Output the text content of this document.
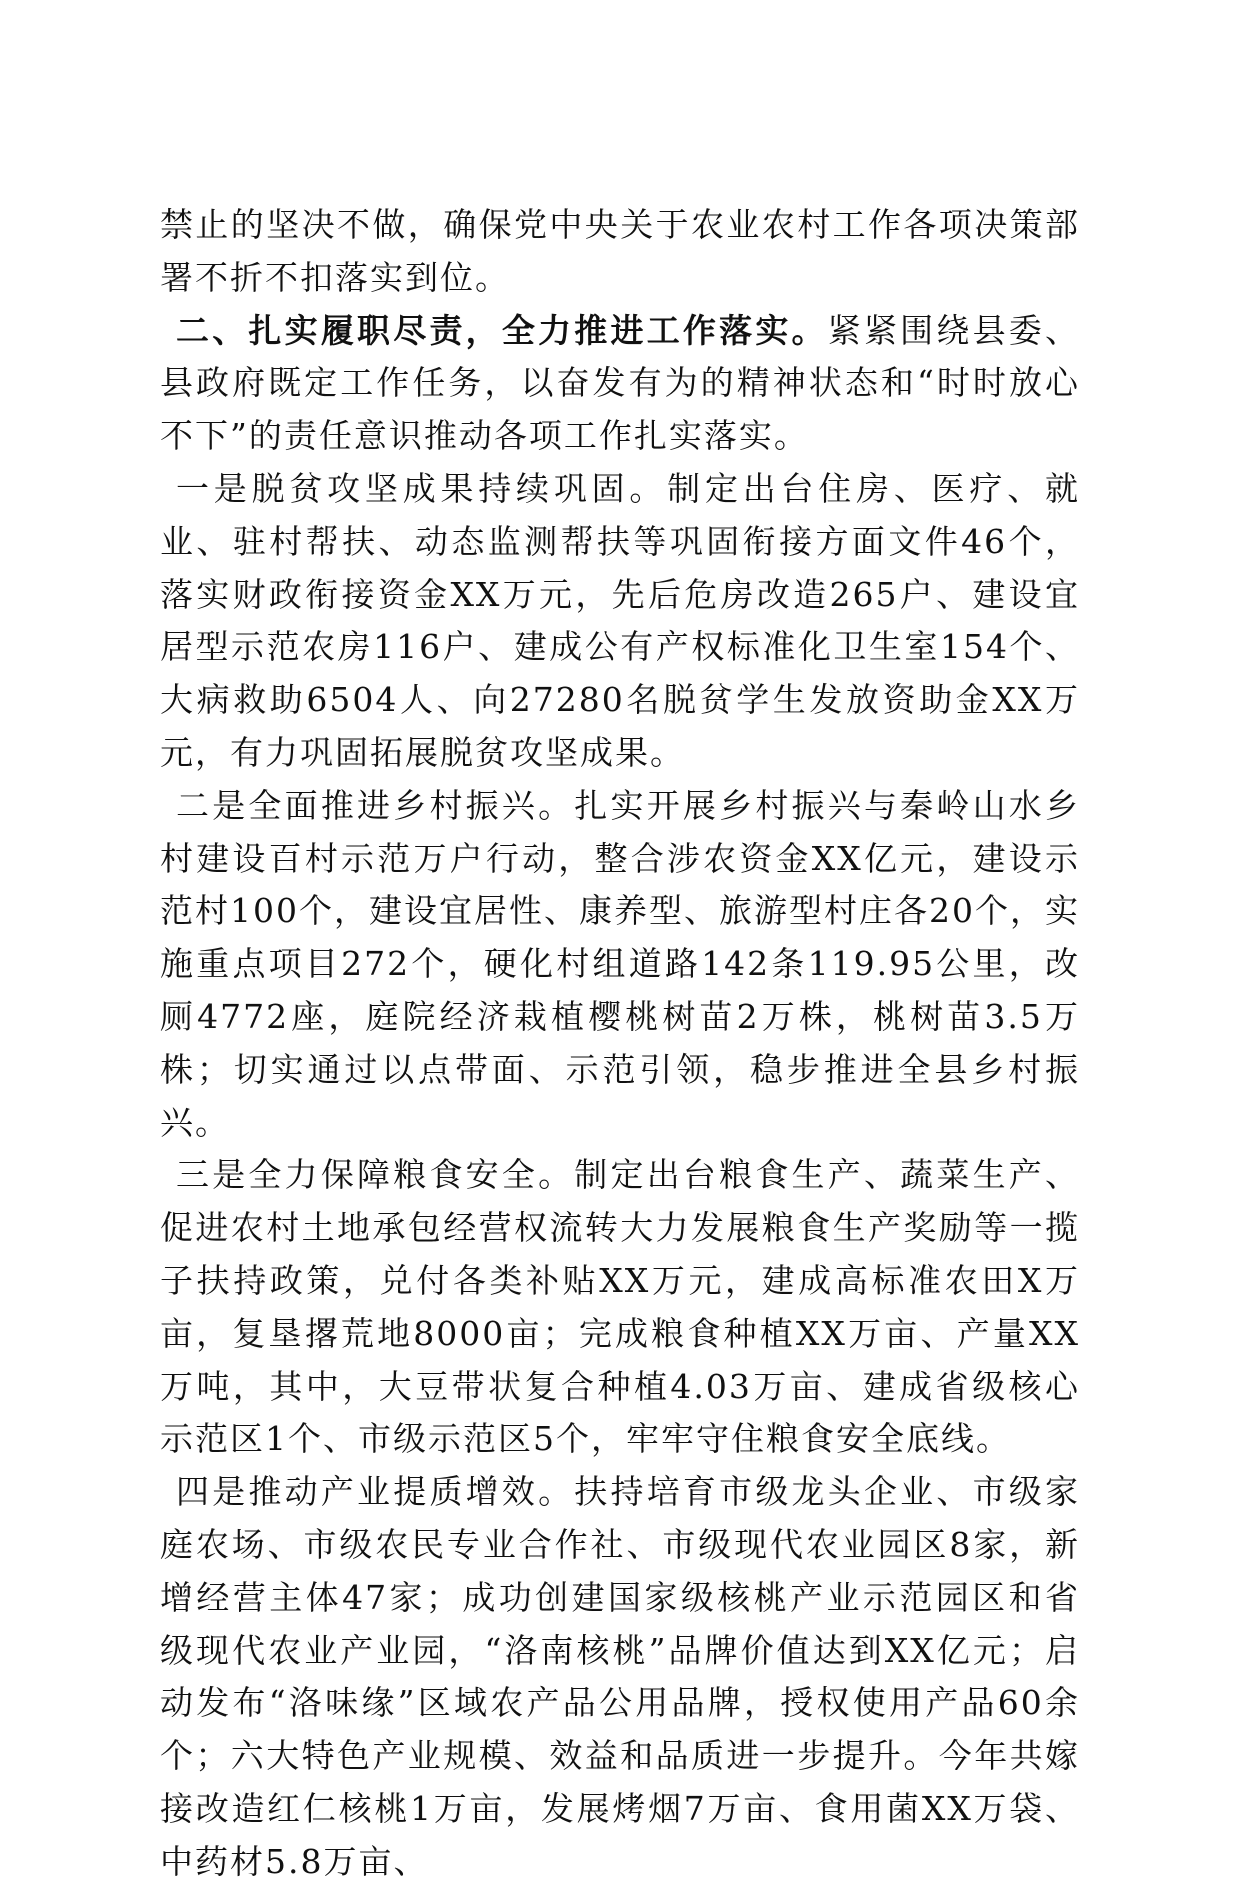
禁止的坚决不做，确保党中央关于农业农村工作各项决策部署不折不扣落实到位。

二、扎实履职尽责，全力推进工作落实。紧紧围绕县委、县政府既定工作任务，以奋发有为的精神状态和“时时放心不下”的责任意识推动各项工作扎实落实。

一是脱贫攻坚成果持续巩固。制定出台住房、医疗、就业、驻村帮扶、动态监测帮扶等巩固衔接方面文件46个，落实财政衔接资金XX万元，先后危房改造265户、建设宜居型示范农房116户、建成公有产权标准化卫生室154个、大病救助6504人、向27280名脱贫学生发放资助金XX万元，有力巩固拓展脱贫攻坚成果。

二是全面推进乡村振兴。扎实开展乡村振兴与秦岭山水乡村建设百村示范万户行动，整合涉农资金XX亿元，建设示范村100个，建设宜居性、康养型、旅游型村庄各20个，实施重点项目272个，硬化村组道路142条119.95公里，改厕4772座，庭院经济栽植樱桃树苗2万株，桃树苗3.5万株；切实通过以点带面、示范引领，稳步推进全县乡村振兴。

三是全力保障粮食安全。制定出台粮食生产、蔬菜生产、促进农村土地承包经营权流转大力发展粮食生产奖励等一揽子扶持政策，兑付各类补贴XX万元，建成高标准农田X万亩，复垦撂荒地8000亩；完成粮食种植XX万亩、产量XX万吨，其中，大豆带状复合种植4.03万亩、建成省级核心示范区1个、市级示范区5个，牢牢守住粮食安全底线。

四是推动产业提质增效。扶持培育市级龙头企业、市级家庭农场、市级农民专业合作社、市级现代农业园区8家，新增经营主体47家；成功创建国家级核桃产业示范园区和省级现代农业产业园，“洛南核桃”品牌价值达到XX亿元；启动发布“洛味缘”区域农产品公用品牌，授权使用产品60余个；六大特色产业规模、效益和品质进一步提升。今年共嫁接改造红仁核桃1万亩，发展烤烟7万亩、食用菌XX万袋、中药材5.8万亩、
